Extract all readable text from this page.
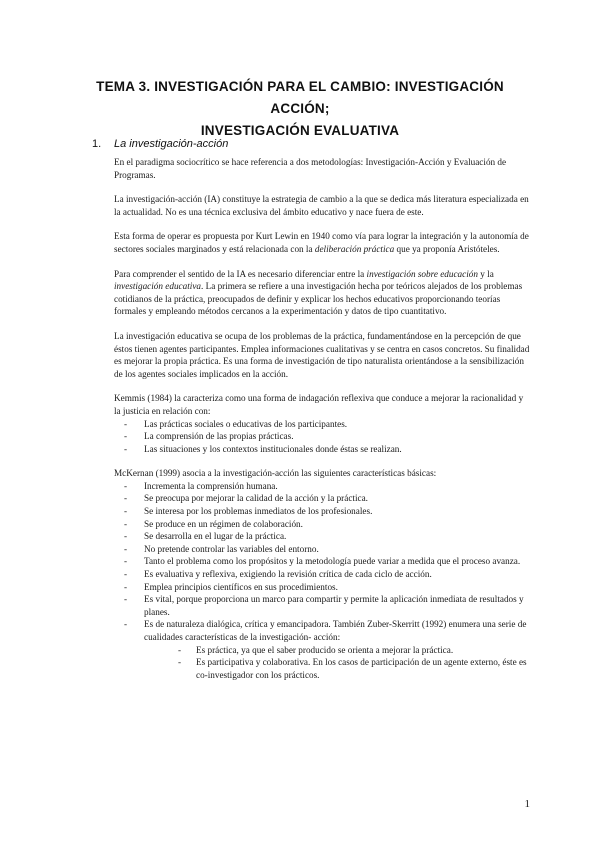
TEMA 3. INVESTIGACIÓN PARA EL CAMBIO: INVESTIGACIÓN ACCIÓN;
INVESTIGACIÓN EVALUATIVA
1. La investigación-acción

En el paradigma sociocrítico se hace referencia a dos metodologías: Investigación-Acción y Evaluación de Programas.

La investigación-acción (IA) constituye la estrategia de cambio a la que se dedica más literatura especializada en la actualidad. No es una técnica exclusiva del ámbito educativo y nace fuera de este.

Esta forma de operar es propuesta por Kurt Lewin en 1940 como vía para lograr la integración y la autonomía de sectores sociales marginados y está relacionada con la deliberación práctica que ya proponía Aristóteles.

Para comprender el sentido de la IA es necesario diferenciar entre la investigación sobre educación y la investigación educativa. La primera se refiere a una investigación hecha por teóricos alejados de los problemas cotidianos de la práctica, preocupados de definir y explicar los hechos educativos proporcionando teorías formales y empleando métodos cercanos a la experimentación y datos de tipo cuantitativo.

La investigación educativa se ocupa de los problemas de la práctica, fundamentándose en la percepción de que éstos tienen agentes participantes. Emplea informaciones cualitativas y se centra en casos concretos. Su finalidad es mejorar la propia práctica. Es una forma de investigación de tipo naturalista orientándose a la sensibilización de los agentes sociales implicados en la acción.

Kemmis (1984) la caracteriza como una forma de indagación reflexiva que conduce a mejorar la racionalidad y la justicia en relación con:

- Las prácticas sociales o educativas de los participantes.
- La comprensión de las propias prácticas.
- Las situaciones y los contextos institucionales donde éstas se realizan.

McKernan (1999) asocia a la investigación-acción las siguientes características básicas:

- Incrementa la comprensión humana.
- Se preocupa por mejorar la calidad de la acción y la práctica.
- Se interesa por los problemas inmediatos de los profesionales.
- Se produce en un régimen de colaboración.
- Se desarrolla en el lugar de la práctica.
- No pretende controlar las variables del entorno.
- Tanto el problema como los propósitos y la metodología puede variar a medida que el proceso avanza.
- Es evaluativa y reflexiva, exigiendo la revisión crítica de cada ciclo de acción.
- Emplea principios científicos en sus procedimientos.
- Es vital, porque proporciona un marco para compartir y permite la aplicación inmediata de resultados y planes.
- Es de naturaleza dialógica, crítica y emancipadora. También Zuber-Skerritt (1992) enumera una serie de cualidades características de la investigación- acción:
- Es práctica, ya que el saber producido se orienta a mejorar la práctica.
- Es participativa y colaborativa. En los casos de participación de un agente externo, éste es co-investigador con los prácticos.
1
